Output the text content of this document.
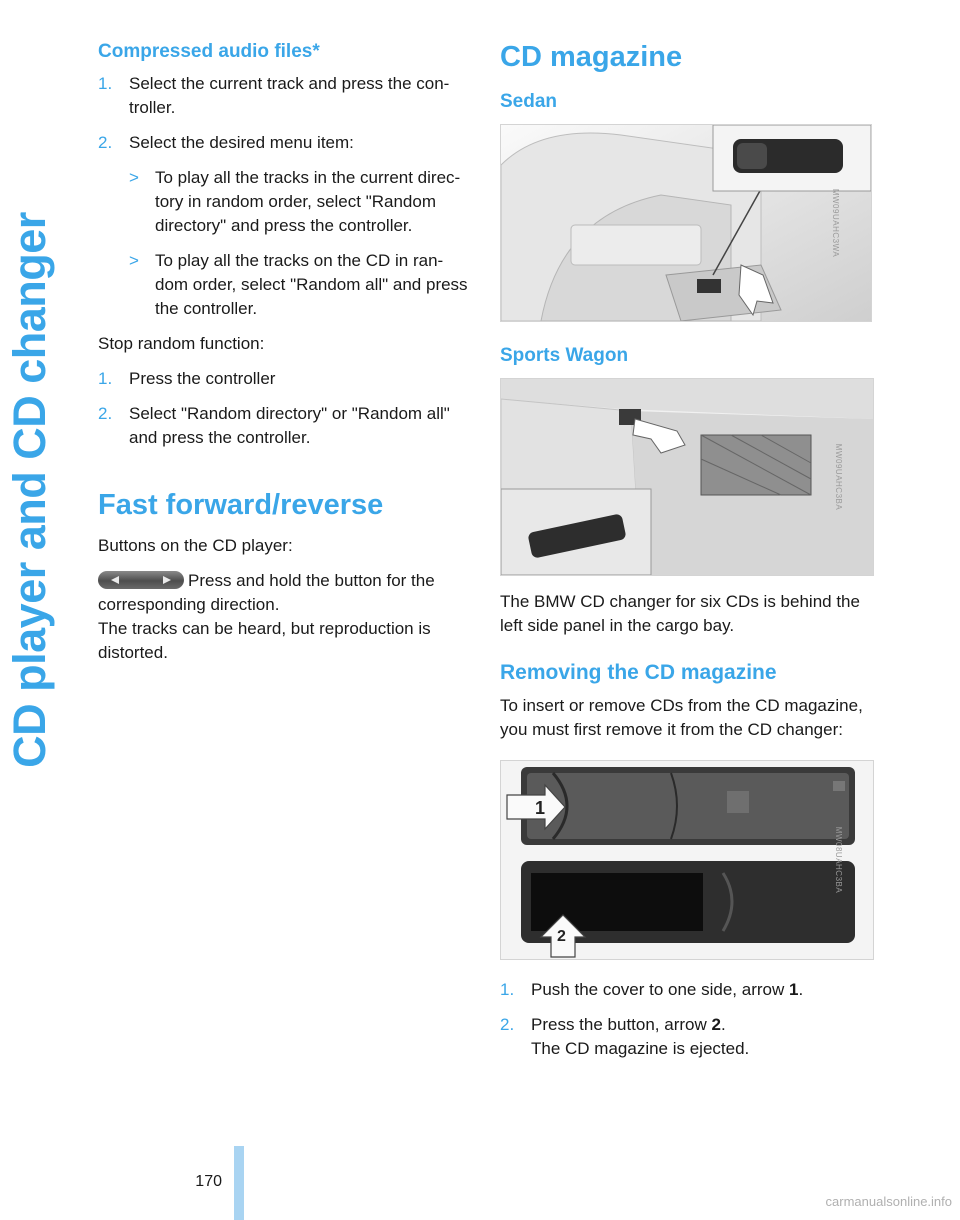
CD player and CD changer
Compressed audio files*
1. Select the current track and press the con-troller.
2. Select the desired menu item:
> To play all the tracks in the current direc-tory in random order, select "Random directory" and press the controller.
> To play all the tracks on the CD in ran-dom order, select "Random all" and press the controller.

Stop random function:

1. Press the controller
2. Select "Random directory" or "Random all" and press the controller.
Fast forward/reverse

Buttons on the CD player:

Press and hold the button for the corresponding direction.

The tracks can be heard, but reproduction is distorted.

CD magazine
Sedan
MW09UAHC3WA
Sports Wagon
MW09UAHC3BA

The BMW CD changer for six CDs is behind the left side panel in the cargo bay.

Removing the CD magazine

To insert or remove CDs from the CD magazine, you must first remove it from the CD changer:

1
2
MW08UAHC3BA
1. Push the cover to one side, arrow 1.
2. Press the button, arrow 2.
The CD magazine is ejected.
170
carmanualsonline.info
